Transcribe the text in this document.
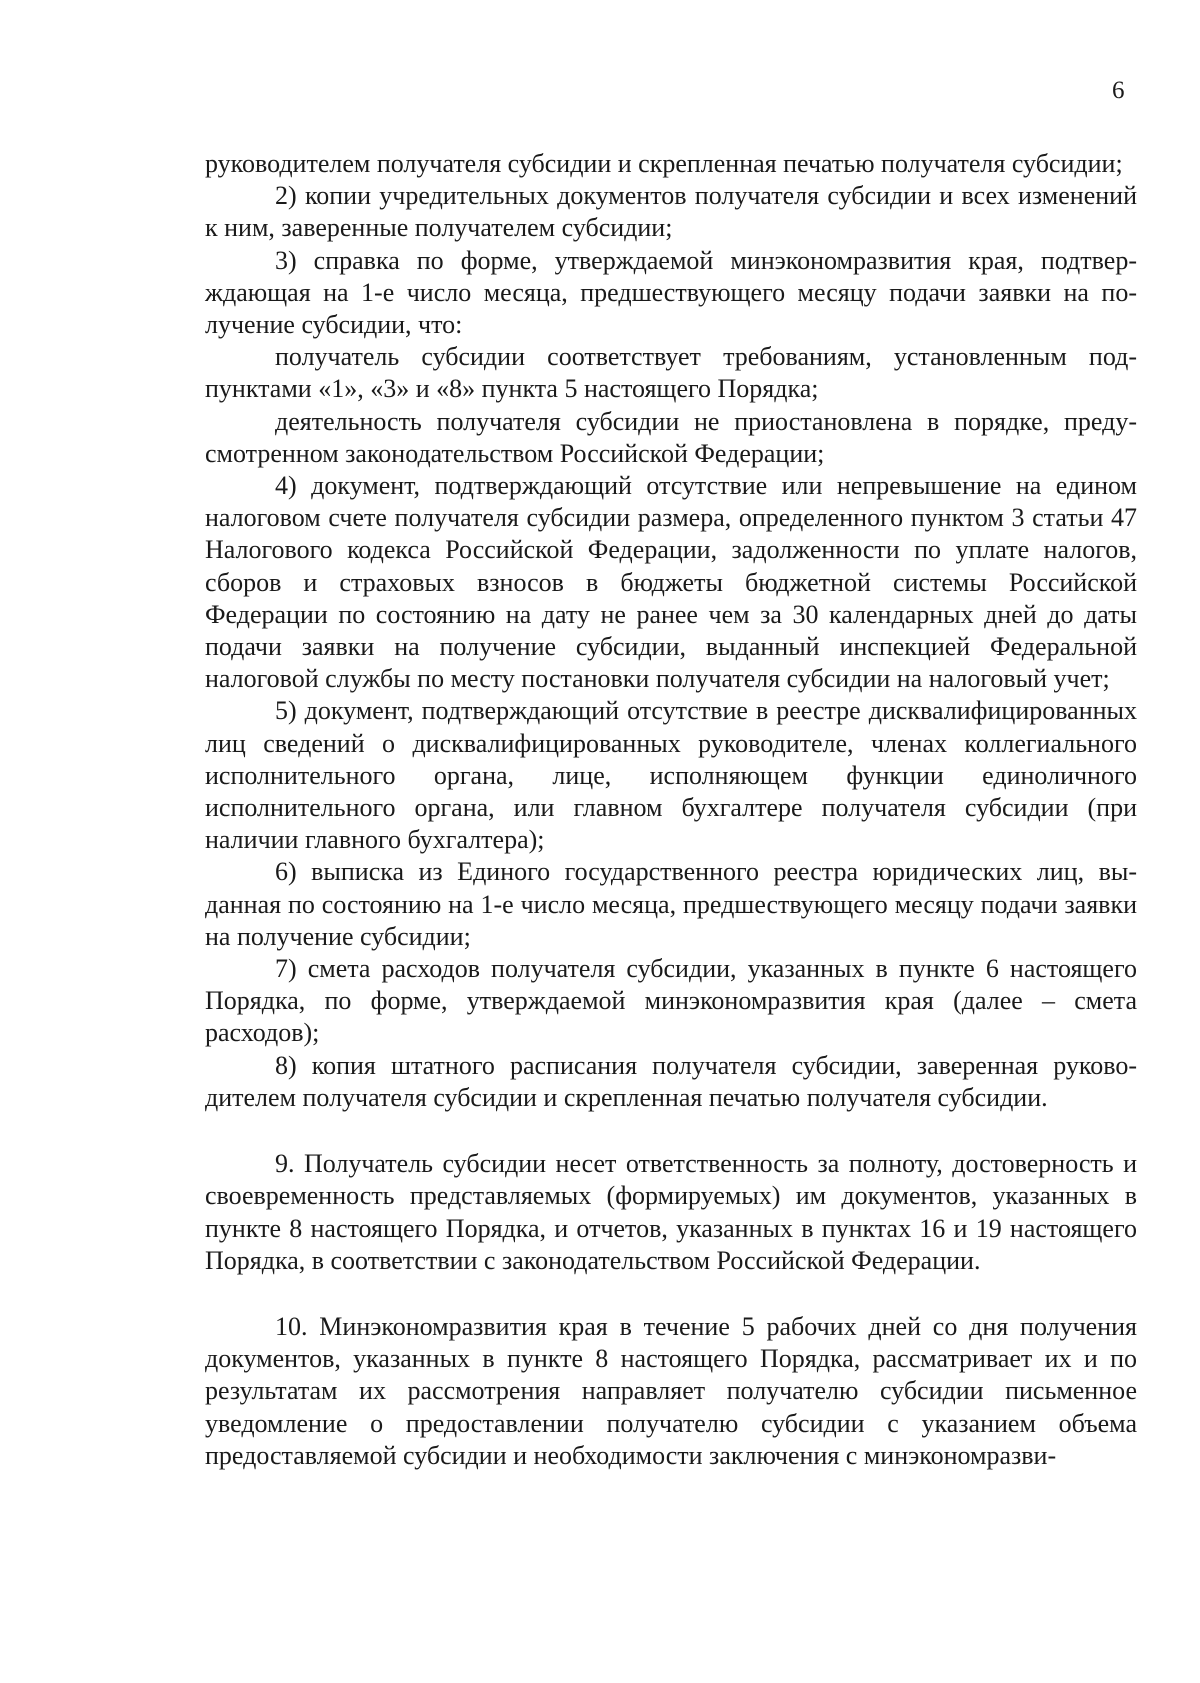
6

руководителем получателя субсидии и скрепленная печатью получателя субсидии;

2) копии учредительных документов получателя субсидии и всех изменений к ним, заверенные получателем субсидии;

3) справка по форме, утверждаемой минэкономразвития края, подтверждающая на 1-е число месяца, предшествующего месяцу подачи заявки на получение субсидии, что:

получатель субсидии соответствует требованиям, установленным подпунктами «1», «3» и «8» пункта 5 настоящего Порядка;

деятельность получателя субсидии не приостановлена в порядке, предусмотренном законодательством Российской Федерации;

4) документ, подтверждающий отсутствие или непревышение на едином налоговом счете получателя субсидии размера, определенного пунктом 3 статьи 47 Налогового кодекса Российской Федерации, задолженности по уплате налогов, сборов и страховых взносов в бюджеты бюджетной системы Российской Федерации по состоянию на дату не ранее чем за 30 календарных дней до даты подачи заявки на получение субсидии, выданный инспекцией Федеральной налоговой службы по месту постановки получателя субсидии на налоговый учет;

5) документ, подтверждающий отсутствие в реестре дисквалифицированных лиц сведений о дисквалифицированных руководителе, членах коллегиального исполнительного органа, лице, исполняющем функции единоличного исполнительного органа, или главном бухгалтере получателя субсидии (при наличии главного бухгалтера);

6) выписка из Единого государственного реестра юридических лиц, выданная по состоянию на 1-е число месяца, предшествующего месяцу подачи заявки на получение субсидии;

7) смета расходов получателя субсидии, указанных в пункте 6 настоящего Порядка, по форме, утверждаемой минэкономразвития края (далее – смета расходов);

8) копия штатного расписания получателя субсидии, заверенная руководителем получателя субсидии и скрепленная печатью получателя субсидии.

9. Получатель субсидии несет ответственность за полноту, достоверность и своевременность представляемых (формируемых) им документов, указанных в пункте 8 настоящего Порядка, и отчетов, указанных в пунктах 16 и 19 настоящего Порядка, в соответствии с законодательством Российской Федерации.

10. Минэкономразвития края в течение 5 рабочих дней со дня получения документов, указанных в пункте 8 настоящего Порядка, рассматривает их и по результатам их рассмотрения направляет получателю субсидии письменное уведомление о предоставлении получателю субсидии с указанием объема предоставляемой субсидии и необходимости заключения с минэкономразви-
